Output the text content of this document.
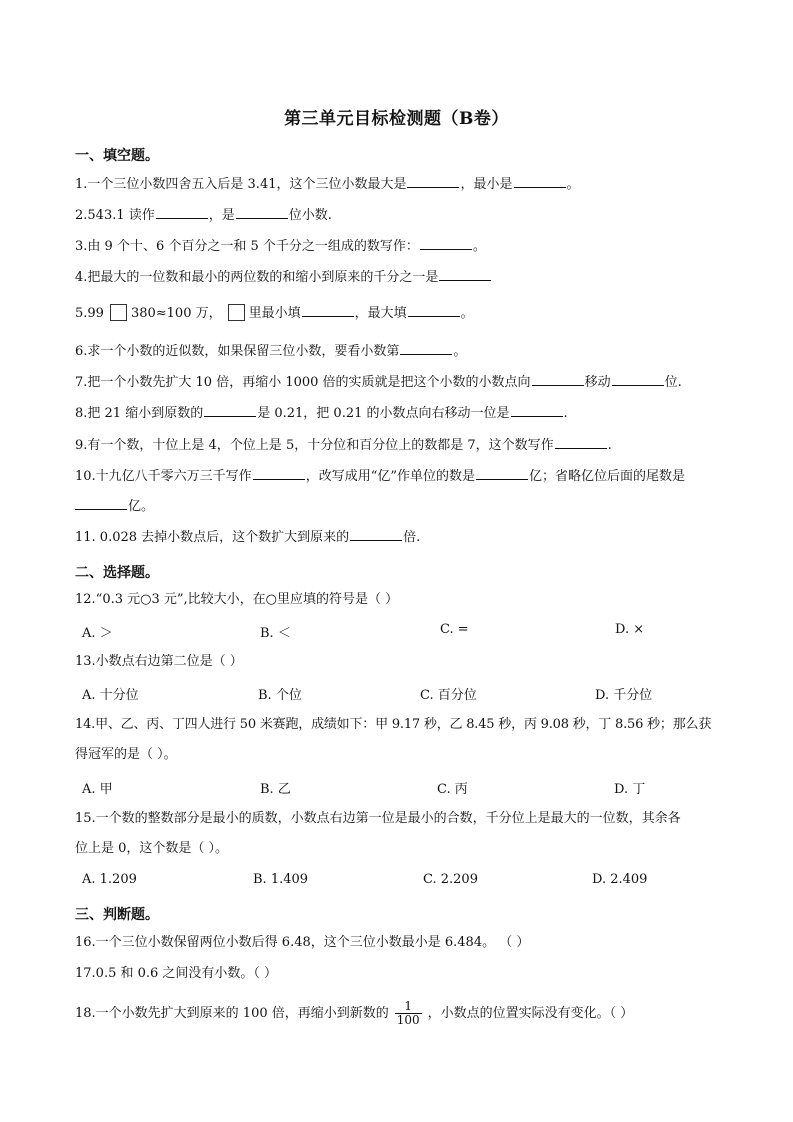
第三单元目标检测题（B卷）
一、填空题。
1.一个三位小数四舍五入后是 3.41，这个三位小数最大是	，最小是	。
2.543.1 读作	，是	位小数.
3.由 9 个十、6 个百分之一和 5 个千分之一组成的数写作：	。
4.把最大的一位数和最小的两位数的和缩小到原来的千分之一是
5.99 380≈100 万， 里最小填	，最大填	。
6.求一个小数的近似数，如果保留三位小数，要看小数第	。
7.把一个小数先扩大 10 倍，再缩小 1000 倍的实质就是把这个小数的小数点向	移动	位.
8.把 21 缩小到原数的	是 0.21，把 0.21 的小数点向右移动一位是	.
9.有一个数，十位上是 4，个位上是 5，十分位和百分位上的数都是 7，这个数写作	.
10.十九亿八千零六万三千写作	，改写成用“亿”作单位的数是	亿；省略亿位后面的尾数是
亿。
11. 0.028 去掉小数点后，这个数扩大到原来的	倍.
二、选择题。
12.“0.3 元○3 元”,比较大小，在○里应填的符号是（ ）
A. ＞	B. ＜	C. =	D. ×
13.小数点右边第二位是（ ）
A. 十分位	B. 个位	C. 百分位	D. 千分位
14.甲、乙、丙、丁四人进行 50 米赛跑，成绩如下：甲 9.17 秒，乙 8.45 秒，丙 9.08 秒，丁 8.56 秒；那么获
得冠军的是（ ）。
A. 甲	B. 乙	C. 丙	D. 丁
15.一个数的整数部分是最小的质数，小数点右边第一位是最小的合数，千分位上是最大的一位数，其余各
位上是 0，这个数是（ ）。
A. 1.209	B. 1.409	C. 2.209	D. 2.409
三、判断题。
16.一个三位小数保留两位小数后得 6.48，这个三位小数最小是 6.484。 （ ）
17.0.5 和 0.6 之间没有小数。（ ）
18.一个小数先扩大到原来的 100 倍，再缩小到新数的 $\frac{1}{100}$ ，小数点的位置实际没有变化。（ ）
